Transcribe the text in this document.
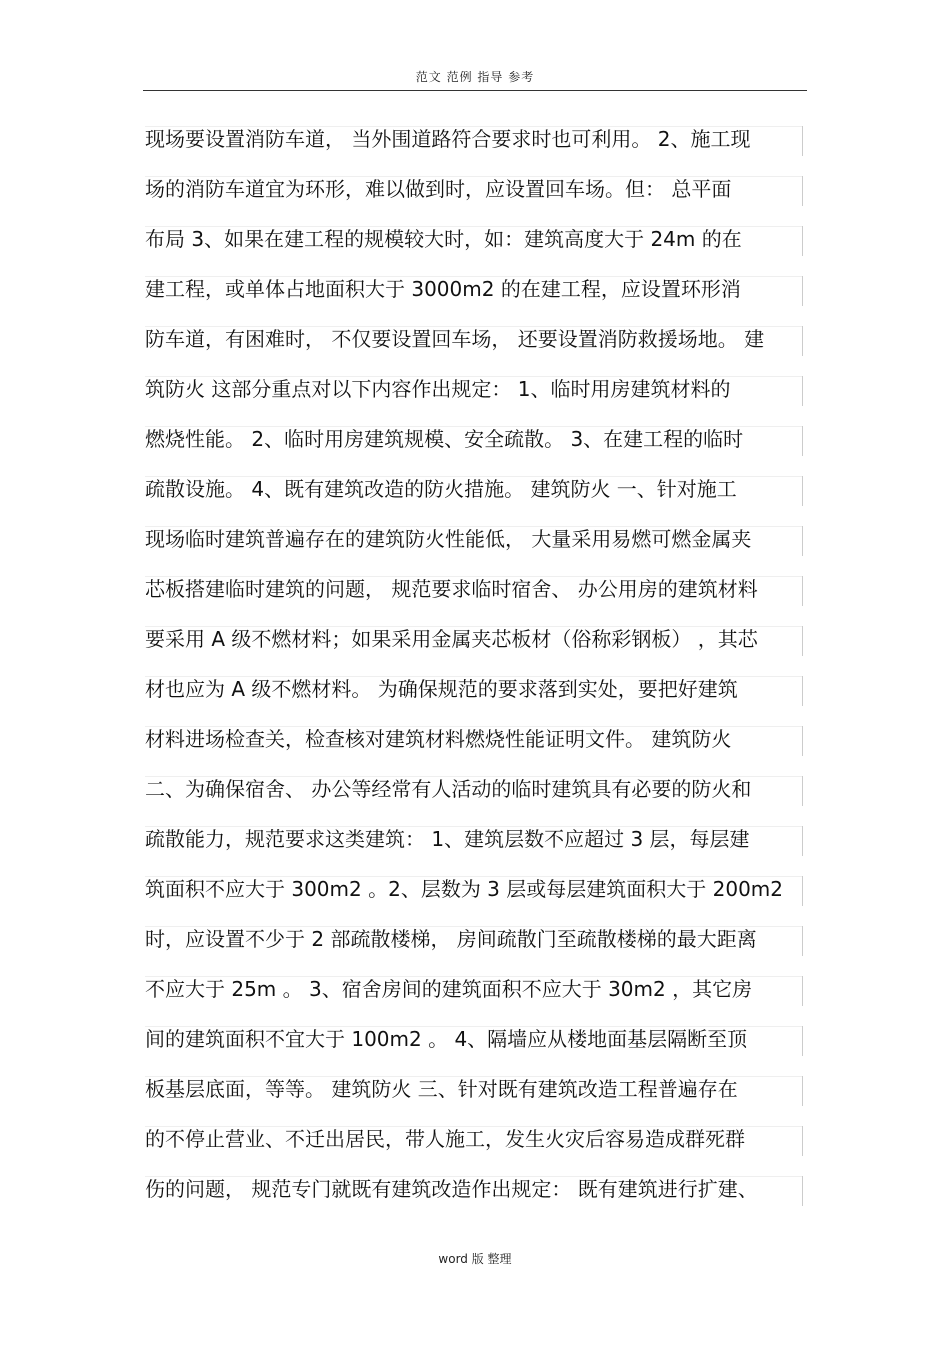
范文 范例 指导 参考
现场要设置消防车道， 当外围道路符合要求时也可利用。 2、施工现
场的消防车道宜为环形，难以做到时，应设置回车场。但： 总平面
布局 3、如果在建工程的规模较大时，如：建筑高度大于 24m 的在
建工程，或单体占地面积大于 3000m2 的在建工程，应设置环形消
防车道，有困难时， 不仅要设置回车场， 还要设置消防救援场地。 建
筑防火 这部分重点对以下内容作出规定： 1、临时用房建筑材料的
燃烧性能。 2、临时用房建筑规模、安全疏散。 3、在建工程的临时
疏散设施。 4、既有建筑改造的防火措施。 建筑防火 一、针对施工
现场临时建筑普遍存在的建筑防火性能低， 大量采用易燃可燃金属夹
芯板搭建临时建筑的问题， 规范要求临时宿舍、 办公用房的建筑材料
要采用 A 级不燃材料；如果采用金属夹芯板材（俗称彩钢板） ，其芯
材也应为 A 级不燃材料。 为确保规范的要求落到实处，要把好建筑
材料进场检查关，检查核对建筑材料燃烧性能证明文件。 建筑防火
二、为确保宿舍、 办公等经常有人活动的临时建筑具有必要的防火和
疏散能力，规范要求这类建筑： 1、建筑层数不应超过 3 层，每层建
筑面积不应大于 300m2 。2、层数为 3 层或每层建筑面积大于 200m2
时，应设置不少于 2 部疏散楼梯， 房间疏散门至疏散楼梯的最大距离
不应大于 25m 。 3、宿舍房间的建筑面积不应大于 30m2 ，其它房
间的建筑面积不宜大于 100m2 。 4、隔墙应从楼地面基层隔断至顶
板基层底面，等等。 建筑防火 三、针对既有建筑改造工程普遍存在
的不停止营业、不迁出居民，带人施工，发生火灾后容易造成群死群
伤的问题， 规范专门就既有建筑改造作出规定： 既有建筑进行扩建、
word 版 整理
